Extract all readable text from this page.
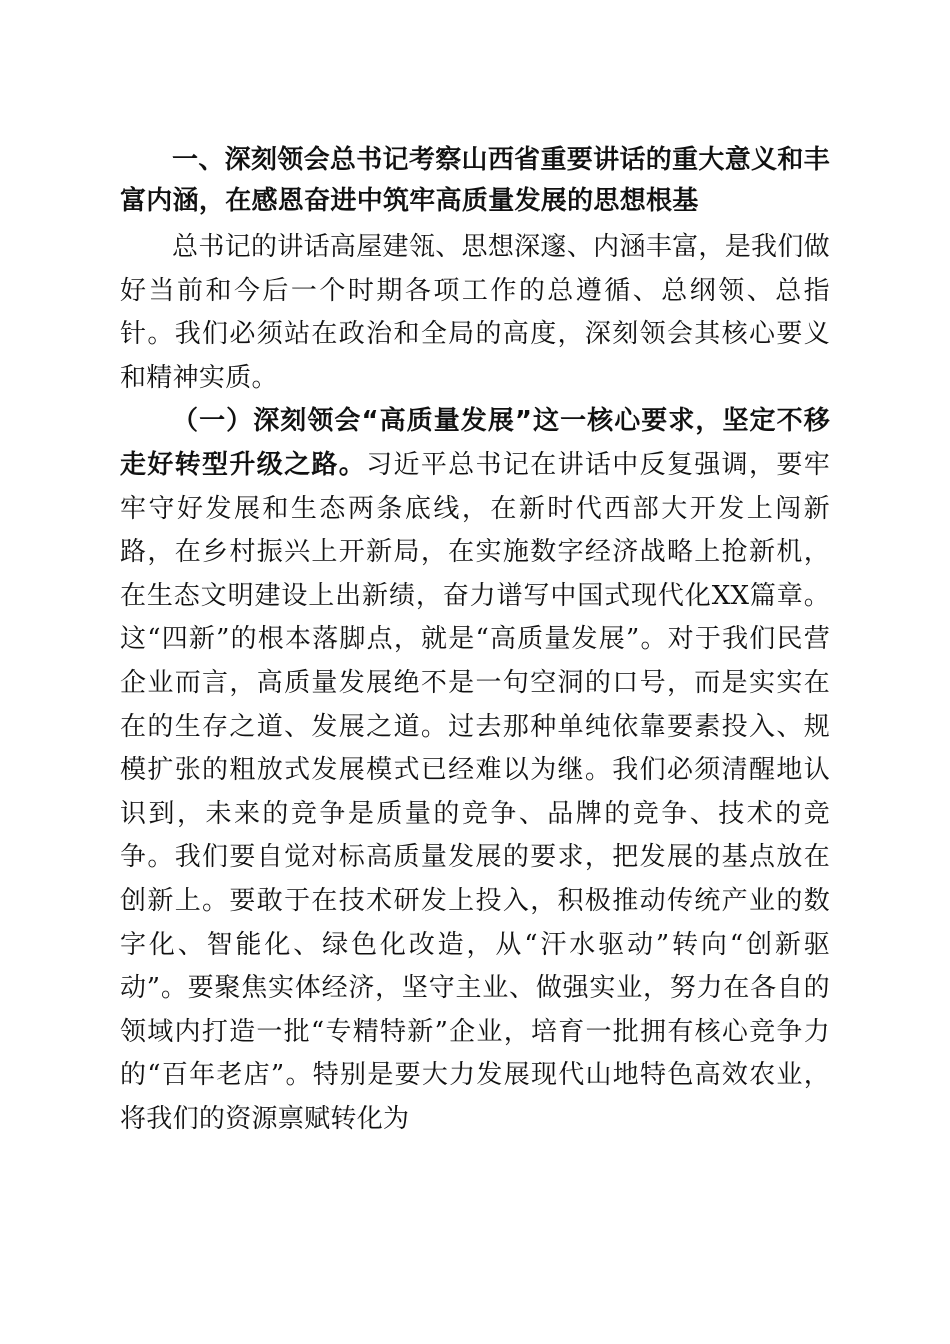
一、深刻领会总书记考察山西省重要讲话的重大意义和丰富内涵，在感恩奋进中筑牢高质量发展的思想根基

总书记的讲话高屋建瓴、思想深邃、内涵丰富，是我们做好当前和今后一个时期各项工作的总遵循、总纲领、总指针。我们必须站在政治和全局的高度，深刻领会其核心要义和精神实质。

（一）深刻领会“高质量发展”这一核心要求，坚定不移走好转型升级之路。习近平总书记在讲话中反复强调，要牢牢守好发展和生态两条底线，在新时代西部大开发上闯新路，在乡村振兴上开新局，在实施数字经济战略上抢新机，在生态文明建设上出新绩，奋力谱写中国式现代化XX篇章。这“四新”的根本落脚点，就是“高质量发展”。对于我们民营企业而言，高质量发展绝不是一句空洞的口号，而是实实在在的生存之道、发展之道。过去那种单纯依靠要素投入、规模扩张的粗放式发展模式已经难以为继。我们必须清醒地认识到，未来的竞争是质量的竞争、品牌的竞争、技术的竞争。我们要自觉对标高质量发展的要求，把发展的基点放在创新上。要敢于在技术研发上投入，积极推动传统产业的数字化、智能化、绿色化改造，从“汗水驱动”转向“创新驱动”。要聚焦实体经济，坚守主业、做强实业，努力在各自的领域内打造一批“专精特新”企业，培育一批拥有核心竞争力的“百年老店”。特别是要大力发展现代山地特色高效农业，将我们的资源禀赋转化为
